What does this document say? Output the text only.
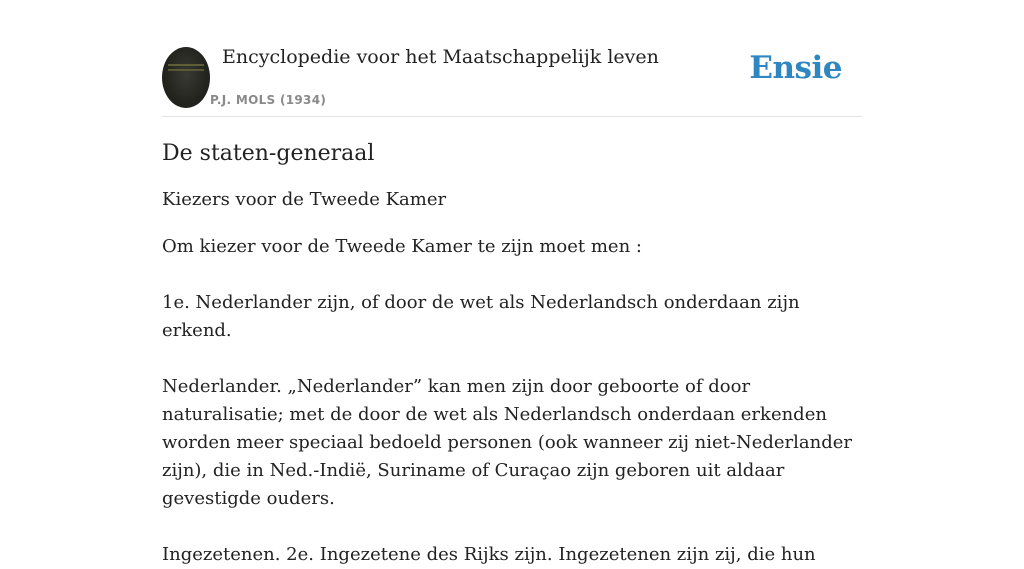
Encyclopedie voor het Maatschappelijk leven
P.J. MOLS (1934)
Ensie
De staten-generaal
Kiezers voor de Tweede Kamer

Om kiezer voor de Tweede Kamer te zijn moet men :

1e. Nederlander zijn, of door de wet als Nederlandsch onderdaan zijn erkend.

Nederlander. „Nederlander” kan men zijn door geboorte of door naturalisatie; met de door de wet als Nederlandsch onderdaan erkenden worden meer speciaal bedoeld personen (ook wanneer zij niet-Nederlander zijn), die in Ned.-Indië, Suriname of Curaçao zijn geboren uit aldaar gevestigde ouders.

Ingezetenen. 2e. Ingezetene des Rijks zijn. Ingezetenen zijn zij, die hun
